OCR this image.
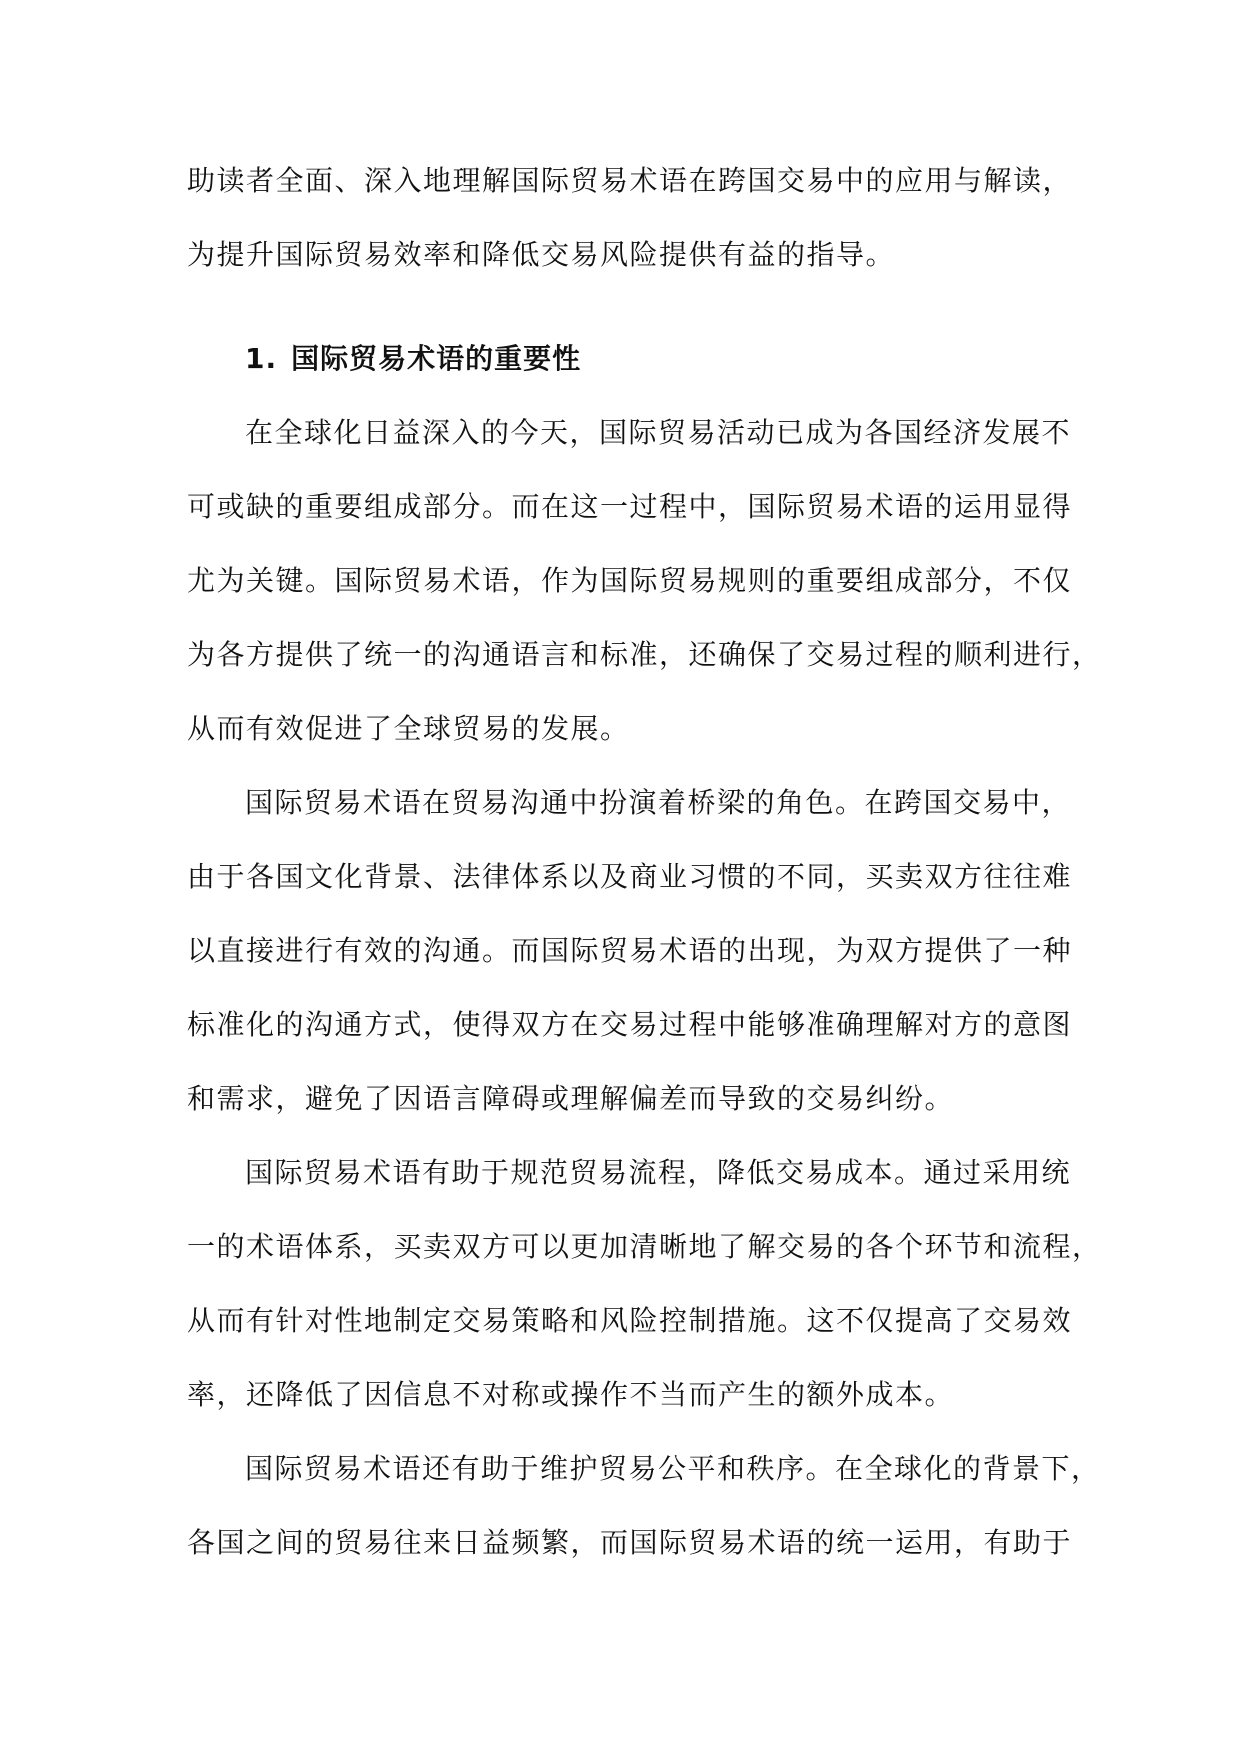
助读者全面、深入地理解国际贸易术语在跨国交易中的应用与解读，
为提升国际贸易效率和降低交易风险提供有益的指导。
1. 国际贸易术语的重要性
在全球化日益深入的今天，国际贸易活动已成为各国经济发展不
可或缺的重要组成部分。而在这一过程中，国际贸易术语的运用显得
尤为关键。国际贸易术语，作为国际贸易规则的重要组成部分，不仅
为各方提供了统一的沟通语言和标准，还确保了交易过程的顺利进行，
从而有效促进了全球贸易的发展。
国际贸易术语在贸易沟通中扮演着桥梁的角色。在跨国交易中，
由于各国文化背景、法律体系以及商业习惯的不同，买卖双方往往难
以直接进行有效的沟通。而国际贸易术语的出现，为双方提供了一种
标准化的沟通方式，使得双方在交易过程中能够准确理解对方的意图
和需求，避免了因语言障碍或理解偏差而导致的交易纠纷。
国际贸易术语有助于规范贸易流程，降低交易成本。通过采用统
一的术语体系，买卖双方可以更加清晰地了解交易的各个环节和流程，
从而有针对性地制定交易策略和风险控制措施。这不仅提高了交易效
率，还降低了因信息不对称或操作不当而产生的额外成本。
国际贸易术语还有助于维护贸易公平和秩序。在全球化的背景下，
各国之间的贸易往来日益频繁，而国际贸易术语的统一运用，有助于
